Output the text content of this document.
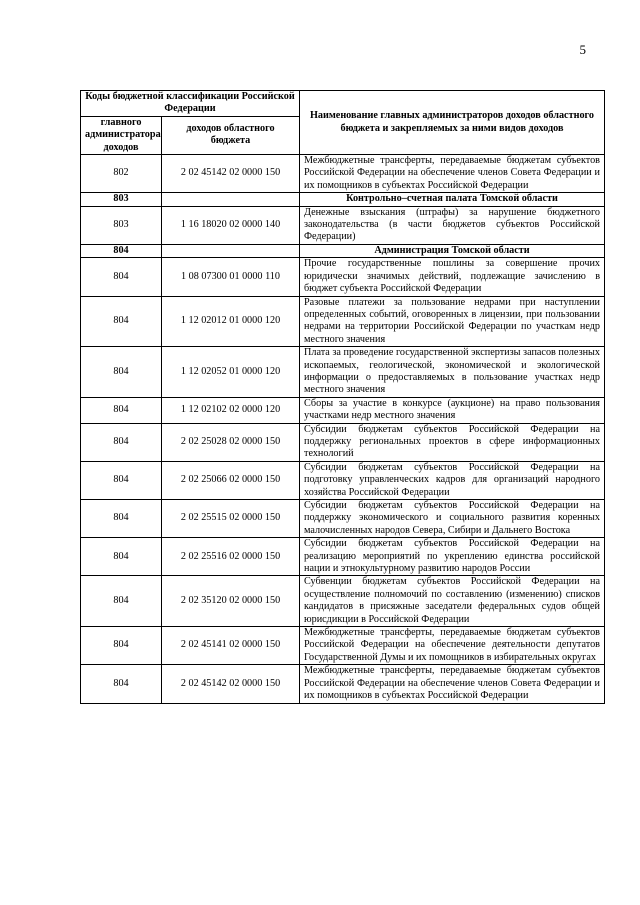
5
Коды бюджетной классификации Российской Федерации		Наименование главных администраторов доходов областного бюджета и закрепляемых за ними видов доходов
главного администратора доходов	доходов областного бюджета	
802	2 02 45142 02 0000 150	Межбюджетные трансферты, передаваемые бюджетам субъектов Российской Федерации на обеспечение членов Совета Федерации и их помощников в субъектах Российской Федерации
803		Контрольно–счетная палата Томской области
803	1 16 18020 02 0000 140	Денежные взыскания (штрафы) за нарушение бюджетного законодательства (в части бюджетов субъектов Российской Федерации)
804		Администрация Томской области
804	1 08 07300 01 0000 110	Прочие государственные пошлины за совершение прочих юридически значимых действий, подлежащие зачислению в бюджет субъекта Российской Федерации
804	1 12 02012 01 0000 120	Разовые платежи за пользование недрами при наступлении определенных событий, оговоренных в лицензии, при пользовании недрами на территории Российской Федерации по участкам недр местного значения
804	1 12 02052 01 0000 120	Плата за проведение государственной экспертизы запасов полезных ископаемых, геологической, экономической и экологической информации о предоставляемых в пользование участках недр местного значения
804	1 12 02102 02 0000 120	Сборы за участие в конкурсе (аукционе) на право пользования участками недр местного значения
804	2 02 25028 02 0000 150	Субсидии бюджетам субъектов Российской Федерации на поддержку региональных проектов в сфере информационных технологий
804	2 02 25066 02 0000 150	Субсидии бюджетам субъектов Российской Федерации на подготовку управленческих кадров для организаций народного хозяйства Российской Федерации
804	2 02 25515 02 0000 150	Субсидии бюджетам субъектов Российской Федерации на поддержку экономического и социального развития коренных малочисленных народов Севера, Сибири и Дальнего Востока
804	2 02 25516 02 0000 150	Субсидии бюджетам субъектов Российской Федерации на реализацию мероприятий по укреплению единства российской нации и этнокультурному развитию народов России
804	2 02 35120 02 0000 150	Субвенции бюджетам субъектов Российской Федерации на осуществление полномочий по составлению (изменению) списков кандидатов в присяжные заседатели федеральных судов общей юрисдикции в Российской Федерации
804	2 02 45141 02 0000 150	Межбюджетные трансферты, передаваемые бюджетам субъектов Российской Федерации на обеспечение деятельности депутатов Государственной Думы и их помощников в избирательных округах
804	2 02 45142 02 0000 150	Межбюджетные трансферты, передаваемые бюджетам субъектов Российской Федерации на обеспечение членов Совета Федерации и их помощников в субъектах Российской Федерации
